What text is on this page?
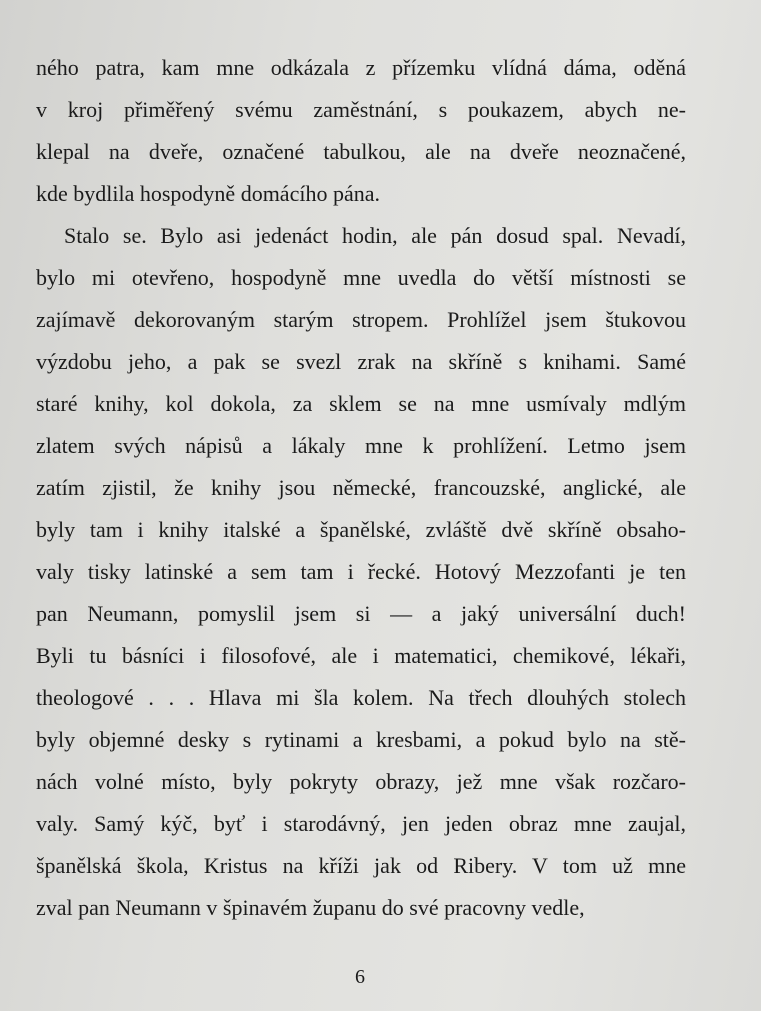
ného patra, kam mne odkázala z přízemku vlídná dáma, oděná
v kroj přiměřený svému zaměstnání, s poukazem, abych ne-
klepal na dveře, označené tabulkou, ale na dveře neoznačené,
kde bydlila hospodyně domácího pána.
Stalo se. Bylo asi jedenáct hodin, ale pán dosud spal. Nevadí,
bylo mi otevřeno, hospodyně mne uvedla do větší místnosti se
zajímavě dekorovaným starým stropem. Prohlížel jsem štukovou
výzdobu jeho, a pak se svezl zrak na skříně s knihami. Samé
staré knihy, kol dokola, za sklem se na mne usmívaly mdlým
zlatem svých nápisů a lákaly mne k prohlížení. Letmo jsem
zatím zjistil, že knihy jsou německé, francouzské, anglické, ale
byly tam i knihy italské a španělské, zvláště dvě skříně obsaho-
valy tisky latinské a sem tam i řecké. Hotový Mezzofanti je ten
pan Neumann, pomyslil jsem si — a jaký universální duch!
Byli tu básníci i filosofové, ale i matematici, chemikové, lékaři,
theologové . . . Hlava mi šla kolem. Na třech dlouhých stolech
byly objemné desky s rytinami a kresbami, a pokud bylo na stě-
nách volné místo, byly pokryty obrazy, jež mne však rozčaro-
valy. Samý kýč, byť i starodávný, jen jeden obraz mne zaujal,
španělská škola, Kristus na kříži jak od Ribery. V tom už mne
zval pan Neumann v špinavém županu do své pracovny vedle,
6
